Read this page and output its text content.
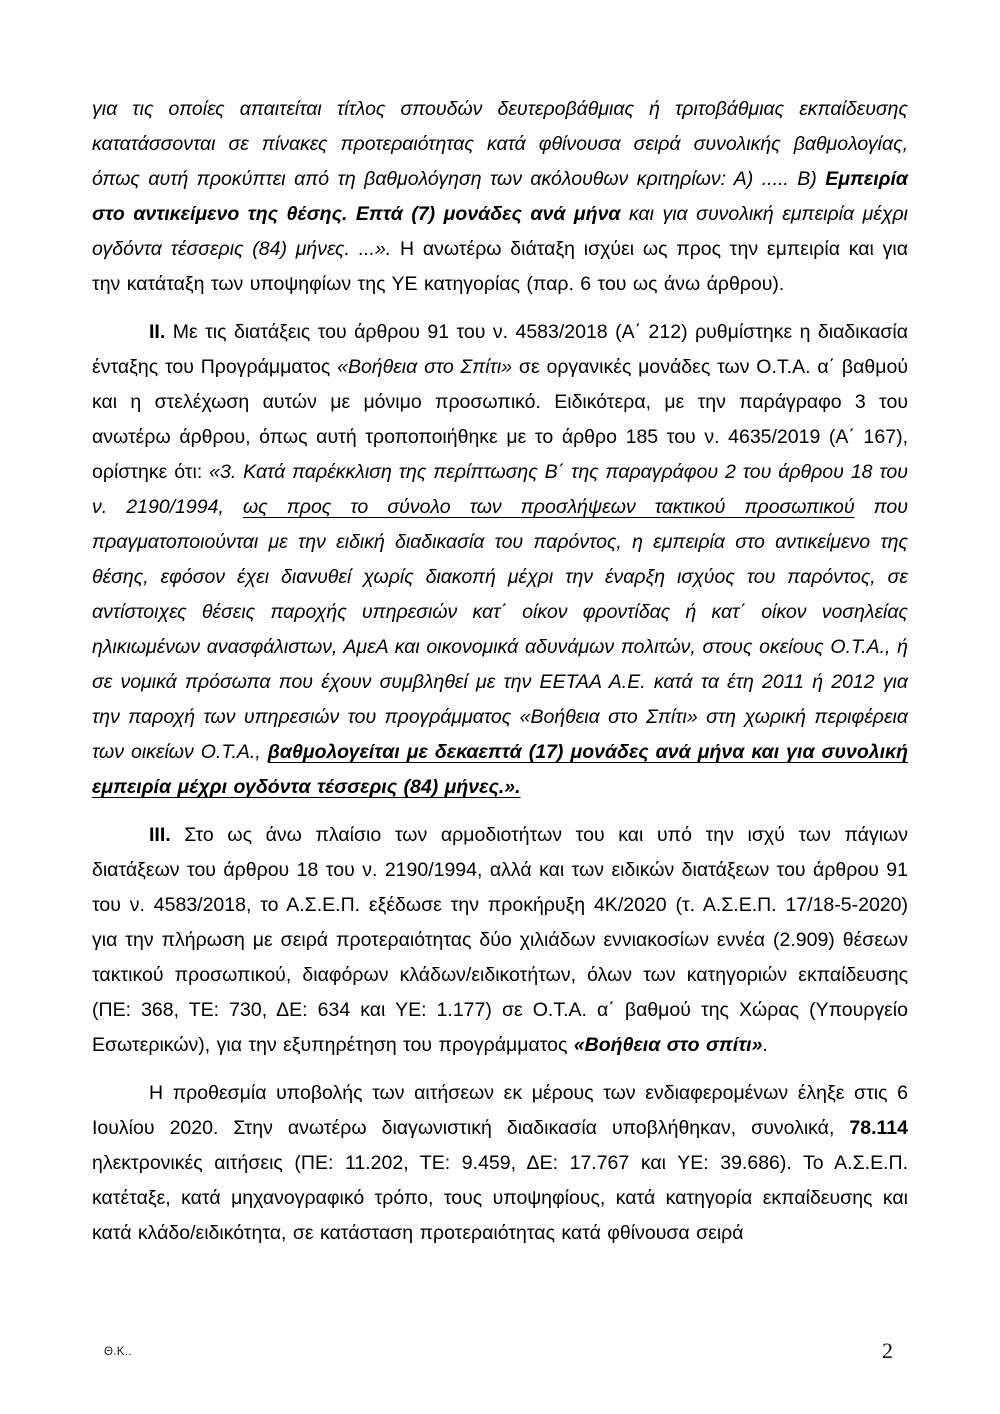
για τις οποίες απαιτείται τίτλος σπουδών δευτεροβάθμιας ή τριτοβάθμιας εκπαίδευσης κατατάσσονται σε πίνακες προτεραιότητας κατά φθίνουσα σειρά συνολικής βαθμολογίας, όπως αυτή προκύπτει από τη βαθμολόγηση των ακόλουθων κριτηρίων: Α) ..... Β) Εμπειρία στο αντικείμενο της θέσης. Επτά (7) μονάδες ανά μήνα και για συνολική εμπειρία μέχρι ογδόντα τέσσερις (84) μήνες. ...». Η ανωτέρω διάταξη ισχύει ως προς την εμπειρία και για την κατάταξη των υποψηφίων της ΥΕ κατηγορίας (παρ. 6 του ως άνω άρθρου).

II. Με τις διατάξεις του άρθρου 91 του ν. 4583/2018 (Α΄ 212) ρυθμίστηκε η διαδικασία ένταξης του Προγράμματος «Βοήθεια στο Σπίτι» σε οργανικές μονάδες των Ο.Τ.Α. α΄ βαθμού και η στελέχωση αυτών με μόνιμο προσωπικό. Ειδικότερα, με την παράγραφο 3 του ανωτέρω άρθρου, όπως αυτή τροποποιήθηκε με το άρθρο 185 του ν. 4635/2019 (Α΄ 167), ορίστηκε ότι: «3. Κατά παρέκκλιση της περίπτωσης Β΄ της παραγράφου 2 του άρθρου 18 του ν. 2190/1994, ως προς το σύνολο των προσλήψεων τακτικού προσωπικού που πραγματοποιούνται με την ειδική διαδικασία του παρόντος, η εμπειρία στο αντικείμενο της θέσης, εφόσον έχει διανυθεί χωρίς διακοπή μέχρι την έναρξη ισχύος του παρόντος, σε αντίστοιχες θέσεις παροχής υπηρεσιών κατ΄ οίκον φροντίδας ή κατ΄ οίκον νοσηλείας ηλικιωμένων ανασφάλιστων, ΑμεΑ και οικονομικά αδυνάμων πολιτών, στους οκείους Ο.Τ.Α., ή σε νομικά πρόσωπα που έχουν συμβληθεί με την ΕΕΤΑΑ Α.Ε. κατά τα έτη 2011 ή 2012 για την παροχή των υπηρεσιών του προγράμματος «Βοήθεια στο Σπίτι» στη χωρική περιφέρεια των οικείων Ο.Τ.Α., βαθμολογείται με δεκαεπτά (17) μονάδες ανά μήνα και για συνολική εμπειρία μέχρι ογδόντα τέσσερις (84) μήνες.».

III. Στο ως άνω πλαίσιο των αρμοδιοτήτων του και υπό την ισχύ των πάγιων διατάξεων του άρθρου 18 του ν. 2190/1994, αλλά και των ειδικών διατάξεων του άρθρου 91 του ν. 4583/2018, το Α.Σ.Ε.Π. εξέδωσε την προκήρυξη 4Κ/2020 (τ. Α.Σ.Ε.Π. 17/18-5-2020) για την πλήρωση με σειρά προτεραιότητας δύο χιλιάδων εννιακοσίων εννέα (2.909) θέσεων τακτικού προσωπικού, διαφόρων κλάδων/ειδικοτήτων, όλων των κατηγοριών εκπαίδευσης (ΠΕ: 368, ΤΕ: 730, ΔΕ: 634 και ΥΕ: 1.177) σε Ο.Τ.Α. α΄ βαθμού της Χώρας (Υπουργείο Εσωτερικών), για την εξυπηρέτηση του προγράμματος «Βοήθεια στο σπίτι».

Η προθεσμία υποβολής των αιτήσεων εκ μέρους των ενδιαφερομένων έληξε στις 6 Ιουλίου 2020. Στην ανωτέρω διαγωνιστική διαδικασία υποβλήθηκαν, συνολικά, 78.114 ηλεκτρονικές αιτήσεις (ΠΕ: 11.202, ΤΕ: 9.459, ΔΕ: 17.767 και ΥΕ: 39.686). Το Α.Σ.Ε.Π. κατέταξε, κατά μηχανογραφικό τρόπο, τους υποψηφίους, κατά κατηγορία εκπαίδευσης και κατά κλάδο/ειδικότητα, σε κατάσταση προτεραιότητας κατά φθίνουσα σειρά

Θ.Κ..	2
